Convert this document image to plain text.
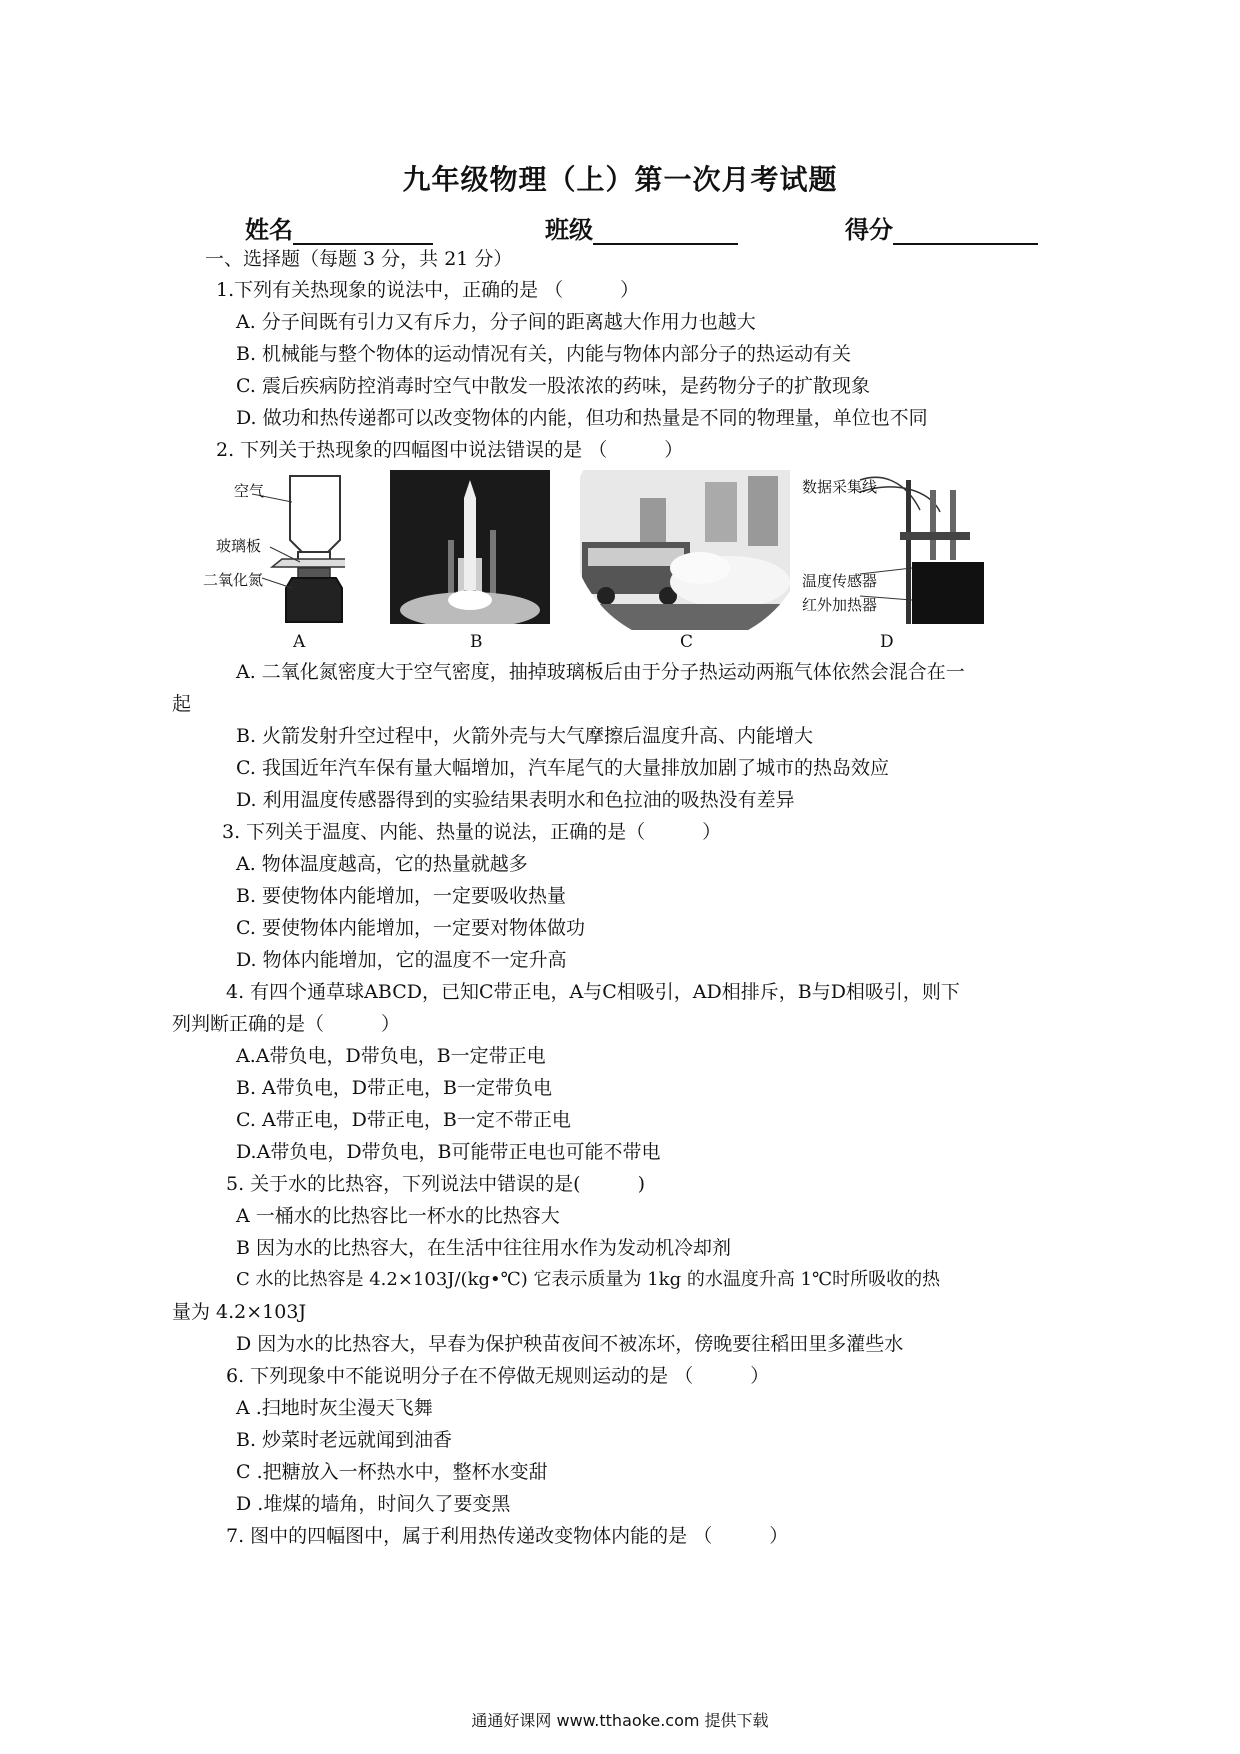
九年级物理（上）第一次月考试题
姓名	班级	得分
一、选择题（每题 3 分，共 21 分）
1.下列有关热现象的说法中，正确的是 （　　　）
A. 分子间既有引力又有斥力，分子间的距离越大作用力也越大
B. 机械能与整个物体的运动情况有关，内能与物体内部分子的热运动有关
C. 震后疾病防控消毒时空气中散发一股浓浓的药味，是药物分子的扩散现象
D. 做功和热传递都可以改变物体的内能，但功和热量是不同的物理量，单位也不同
2. 下列关于热现象的四幅图中说法错误的是 （　　　）
空气
玻璃板
二氧化氮
数据采集线
温度传感器
红外加热器
A	B	C	D
A. 二氧化氮密度大于空气密度，抽掉玻璃板后由于分子热运动两瓶气体依然会混合在一
起
B. 火箭发射升空过程中，火箭外壳与大气摩擦后温度升高、内能增大
C. 我国近年汽车保有量大幅增加，汽车尾气的大量排放加剧了城市的热岛效应
D. 利用温度传感器得到的实验结果表明水和色拉油的吸热没有差异
3. 下列关于温度、内能、热量的说法，正确的是（　　　）
A. 物体温度越高，它的热量就越多
B. 要使物体内能增加，一定要吸收热量
C. 要使物体内能增加，一定要对物体做功
D. 物体内能增加，它的温度不一定升高
4. 有四个通草球ABCD，已知C带正电，A与C相吸引，AD相排斥，B与D相吸引，则下
列判断正确的是（　　　）
A.A带负电，D带负电，B一定带正电
B. A带负电，D带正电，B一定带负电
C. A带正电，D带正电，B一定不带正电
D.A带负电，D带负电，B可能带正电也可能不带电
5. 关于水的比热容，下列说法中错误的是(　　　)
A 一桶水的比热容比一杯水的比热容大
B 因为水的比热容大，在生活中往往用水作为发动机冷却剂
C 水的比热容是 4.2×103J/(kg•℃) 它表示质量为 1kg 的水温度升高 1℃时所吸收的热
量为 4.2×103J
D 因为水的比热容大，早春为保护秧苗夜间不被冻坏，傍晚要往稻田里多灌些水
6. 下列现象中不能说明分子在不停做无规则运动的是 （　　　）
A .扫地时灰尘漫天飞舞
B. 炒菜时老远就闻到油香
C .把糖放入一杯热水中，整杯水变甜
D .堆煤的墙角，时间久了要变黑
7. 图中的四幅图中，属于利用热传递改变物体内能的是 （　　　）
通通好课网 www.tthaoke.com 提供下载
